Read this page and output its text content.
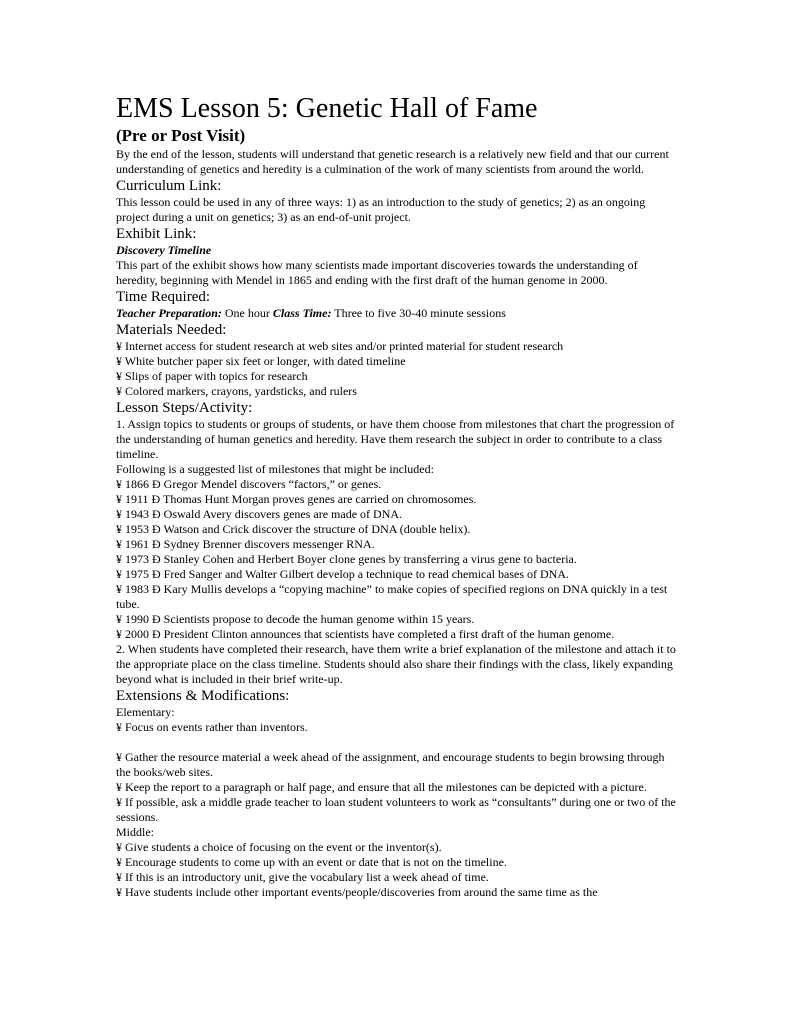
EMS Lesson 5: Genetic Hall of Fame
(Pre or Post Visit)

By the end of the lesson, students will understand that genetic research is a relatively new field and that our current understanding of genetics and heredity is a culmination of the work of many scientists from around the world.

Curriculum Link:

This lesson could be used in any of three ways: 1) as an introduction to the study of genetics; 2) as an ongoing project during a unit on genetics; 3) as an end-of-unit project.

Exhibit Link:
Discovery Timeline

This part of the exhibit shows how many scientists made important discoveries towards the understanding of heredity, beginning with Mendel in 1865 and ending with the first draft of the human genome in 2000.

Time Required:

Teacher Preparation: One hour Class Time: Three to five 30-40 minute sessions

Materials Needed:

¥ Internet access for student research at web sites and/or printed material for student research

¥ White butcher paper six feet or longer, with dated timeline

¥ Slips of paper with topics for research

¥ Colored markers, crayons, yardsticks, and rulers

Lesson Steps/Activity:

1. Assign topics to students or groups of students, or have them choose from milestones that chart the progression of the understanding of human genetics and heredity. Have them research the subject in order to contribute to a class timeline.

Following is a suggested list of milestones that might be included:

¥ 1866 Ð Gregor Mendel discovers “factors,” or genes.

¥ 1911 Ð Thomas Hunt Morgan proves genes are carried on chromosomes.

¥ 1943 Ð Oswald Avery discovers genes are made of DNA.

¥ 1953 Ð Watson and Crick discover the structure of DNA (double helix).

¥ 1961 Ð Sydney Brenner discovers messenger RNA.

¥ 1973 Ð Stanley Cohen and Herbert Boyer clone genes by transferring a virus gene to bacteria.

¥ 1975 Ð Fred Sanger and Walter Gilbert develop a technique to read chemical bases of DNA.

¥ 1983 Ð Kary Mullis develops a “copying machine” to make copies of specified regions on DNA quickly in a test tube.

¥ 1990 Ð Scientists propose to decode the human genome within 15 years.

¥ 2000 Ð President Clinton announces that scientists have completed a first draft of the human genome.

2. When students have completed their research, have them write a brief explanation of the milestone and attach it to the appropriate place on the class timeline. Students should also share their findings with the class, likely expanding beyond what is included in their brief write-up.

Extensions & Modifications:

Elementary:

¥ Focus on events rather than inventors.

¥ Gather the resource material a week ahead of the assignment, and encourage students to begin browsing through the books/web sites.

¥ Keep the report to a paragraph or half page, and ensure that all the milestones can be depicted with a picture.

¥ If possible, ask a middle grade teacher to loan student volunteers to work as “consultants” during one or two of the sessions.

Middle:

¥ Give students a choice of focusing on the event or the inventor(s).

¥ Encourage students to come up with an event or date that is not on the timeline.

¥ If this is an introductory unit, give the vocabulary list a week ahead of time.

¥ Have students include other important events/people/discoveries from around the same time as the
